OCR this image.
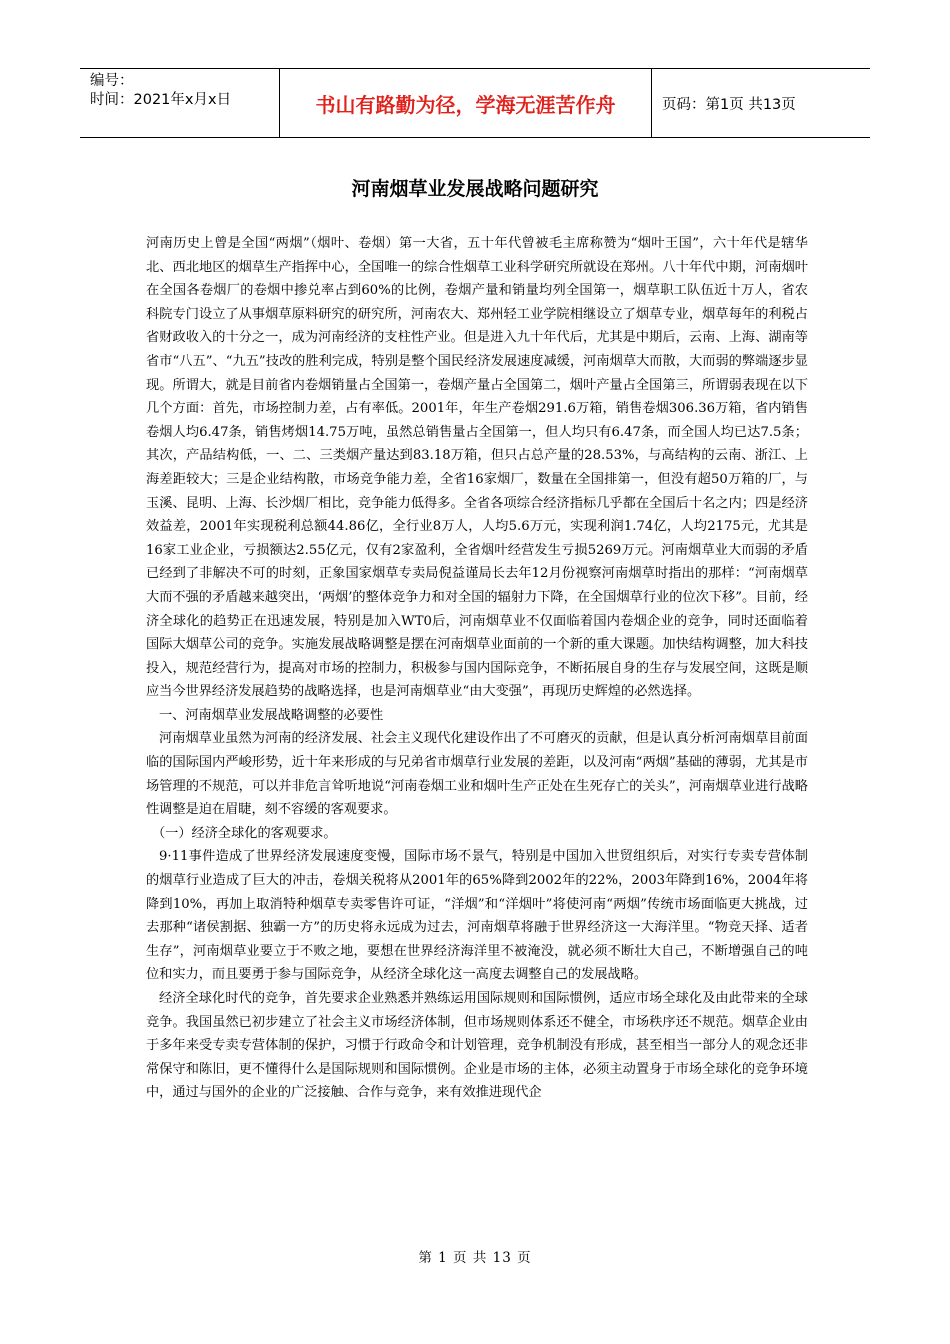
编号：
时间：2021年x月x日	书山有路勤为径，学海无涯苦作舟	页码：第1页 共13页
河南烟草业发展战略问题研究

河南历史上曾是全国“两烟”（烟叶、卷烟）第一大省，五十年代曾被毛主席称赞为“烟叶王国”，六十年代是辖华北、西北地区的烟草生产指挥中心，全国唯一的综合性烟草工业科学研究所就设在郑州。八十年代中期，河南烟叶在全国各卷烟厂的卷烟中掺兑率占到60%的比例，卷烟产量和销量均列全国第一，烟草职工队伍近十万人，省农科院专门设立了从事烟草原料研究的研究所，河南农大、郑州轻工业学院相继设立了烟草专业，烟草每年的利税占省财政收入的十分之一，成为河南经济的支柱性产业。但是进入九十年代后，尤其是中期后，云南、上海、湖南等省市“八五”、“九五”技改的胜利完成，特别是整个国民经济发展速度减缓，河南烟草大而散，大而弱的弊端逐步显现。所谓大，就是目前省内卷烟销量占全国第一，卷烟产量占全国第二，烟叶产量占全国第三，所谓弱表现在以下几个方面：首先，市场控制力差，占有率低。2001年，年生产卷烟291.6万箱，销售卷烟306.36万箱，省内销售卷烟人均6.47条，销售烤烟14.75万吨，虽然总销售量占全国第一，但人均只有6.47条，而全国人均已达7.5条；其次，产品结构低，一、二、三类烟产量达到83.18万箱，但只占总产量的28.53%，与高结构的云南、浙江、上海差距较大；三是企业结构散，市场竞争能力差，全省16家烟厂，数量在全国排第一，但没有超50万箱的厂，与玉溪、昆明、上海、长沙烟厂相比，竞争能力低得多。全省各项综合经济指标几乎都在全国后十名之内；四是经济效益差，2001年实现税利总额44.86亿，全行业8万人，人均5.6万元，实现利润1.74亿，人均2175元，尤其是16家工业企业，亏损额达2.55亿元，仅有2家盈利，全省烟叶经营发生亏损5269万元。河南烟草业大而弱的矛盾已经到了非解决不可的时刻，正象国家烟草专卖局倪益谨局长去年12月份视察河南烟草时指出的那样：“河南烟草大而不强的矛盾越来越突出，‘两烟’的整体竞争力和对全国的辐射力下降，在全国烟草行业的位次下移”。目前，经济全球化的趋势正在迅速发展，特别是加入WT0后，河南烟草业不仅面临着国内卷烟企业的竞争，同时还面临着国际大烟草公司的竞争。实施发展战略调整是摆在河南烟草业面前的一个新的重大课题。加快结构调整，加大科技投入，规范经营行为，提高对市场的控制力，积极参与国内国际竞争，不断拓展自身的生存与发展空间，这既是顺应当今世界经济发展趋势的战略选择，也是河南烟草业“由大变强”，再现历史辉煌的必然选择。

一、河南烟草业发展战略调整的必要性

河南烟草业虽然为河南的经济发展、社会主义现代化建设作出了不可磨灭的贡献，但是认真分析河南烟草目前面临的国际国内严峻形势，近十年来形成的与兄弟省市烟草行业发展的差距，以及河南“两烟”基础的薄弱，尤其是市场管理的不规范，可以并非危言耸听地说“河南卷烟工业和烟叶生产正处在生死存亡的关头”，河南烟草业进行战略性调整是迫在眉睫，刻不容缓的客观要求。

（一）经济全球化的客观要求。

9·11事件造成了世界经济发展速度变慢，国际市场不景气，特别是中国加入世贸组织后，对实行专卖专营体制的烟草行业造成了巨大的冲击，卷烟关税将从2001年的65%降到2002年的22%，2003年降到16%，2004年将降到10%，再加上取消特种烟草专卖零售许可证，“洋烟”和“洋烟叶”将使河南“两烟”传统市场面临更大挑战，过去那种“诸侯割据、独霸一方”的历史将永远成为过去，河南烟草将融于世界经济这一大海洋里。“物竞天择、适者生存”，河南烟草业要立于不败之地，要想在世界经济海洋里不被淹没，就必须不断壮大自己，不断增强自己的吨位和实力，而且要勇于参与国际竞争，从经济全球化这一高度去调整自己的发展战略。

经济全球化时代的竞争，首先要求企业熟悉并熟练运用国际规则和国际惯例，适应市场全球化及由此带来的全球竞争。我国虽然已初步建立了社会主义市场经济体制，但市场规则体系还不健全，市场秩序还不规范。烟草企业由于多年来受专卖专营体制的保护，习惯于行政命令和计划管理，竞争机制没有形成，甚至相当一部分人的观念还非常保守和陈旧，更不懂得什么是国际规则和国际惯例。企业是市场的主体，必须主动置身于市场全球化的竞争环境中，通过与国外的企业的广泛接触、合作与竞争，来有效推进现代企

第 1 页 共 13 页
